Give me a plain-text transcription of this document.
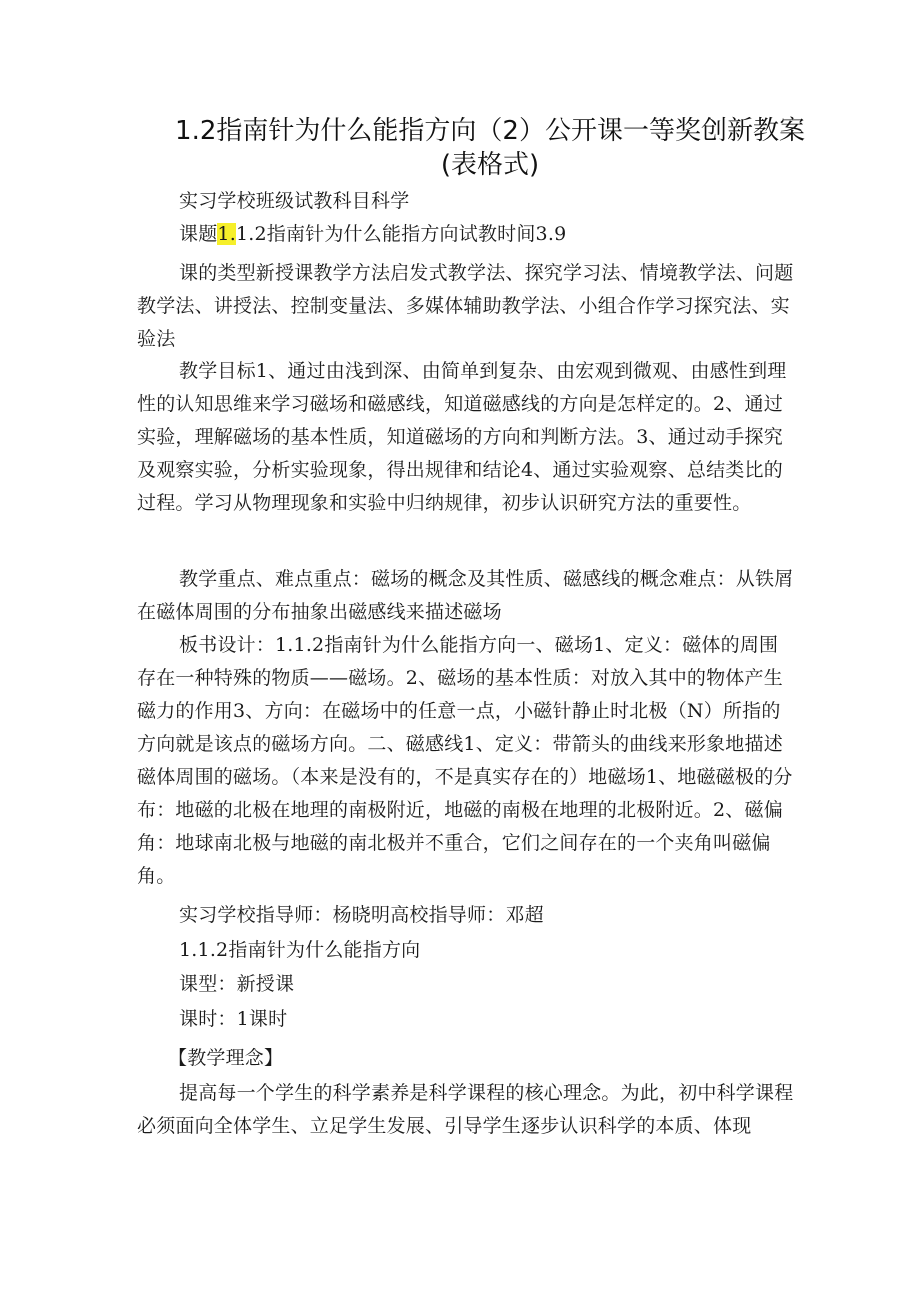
1.2指南针为什么能指方向（2）公开课一等奖创新教案
(表格式)

实习学校班级试教科目科学

课题1.1.2指南针为什么能指方向试教时间3.9

课的类型新授课教学方法启发式教学法、探究学习法、情境教学法、问题教学法、讲授法、控制变量法、多媒体辅助教学法、小组合作学习探究法、实验法

教学目标1、通过由浅到深、由简单到复杂、由宏观到微观、由感性到理性的认知思维来学习磁场和磁感线，知道磁感线的方向是怎样定的。2、通过实验，理解磁场的基本性质，知道磁场的方向和判断方法。3、通过动手探究及观察实验，分析实验现象，得出规律和结论4、通过实验观察、总结类比的过程。学习从物理现象和实验中归纳规律，初步认识研究方法的重要性。

教学重点、难点重点：磁场的概念及其性质、磁感线的概念难点：从铁屑在磁体周围的分布抽象出磁感线来描述磁场

板书设计：1.1.2指南针为什么能指方向一、磁场1、定义：磁体的周围存在一种特殊的物质——磁场。2、磁场的基本性质：对放入其中的物体产生磁力的作用3、方向：在磁场中的任意一点，小磁针静止时北极（N）所指的方向就是该点的磁场方向。二、磁感线1、定义：带箭头的曲线来形象地描述磁体周围的磁场。（本来是没有的，不是真实存在的）地磁场1、地磁磁极的分布：地磁的北极在地理的南极附近，地磁的南极在地理的北极附近。2、磁偏角：地球南北极与地磁的南北极并不重合，它们之间存在的一个夹角叫磁偏角。

实习学校指导师：杨晓明高校指导师：邓超

1.1.2指南针为什么能指方向

课型：新授课

课时：1课时

【教学理念】

提高每一个学生的科学素养是科学课程的核心理念。为此，初中科学课程必须面向全体学生、立足学生发展、引导学生逐步认识科学的本质、体现
